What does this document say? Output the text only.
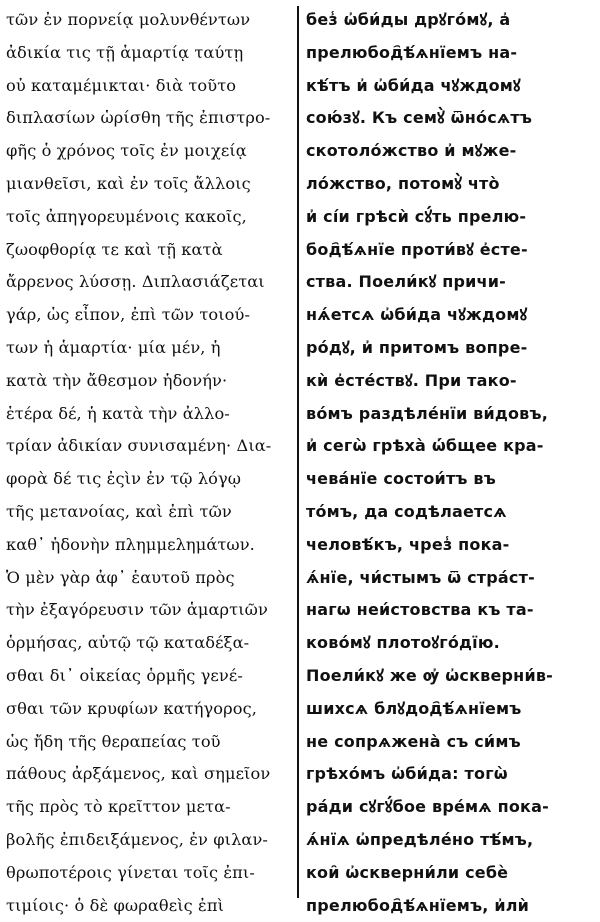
τῶν ἐν πορνείᾳ μολυνθέντων
ἀδικία τις τῇ ἁμαρτίᾳ ταύτῃ
οὐ καταμέμικται· διὰ τοῦτο
διπλασίων ὡρίσθη τῆς ἐπιστρο-
φῆς ὁ χρόνος τοῖς ἐν μοιχείᾳ
μιανθεῖσι, καὶ ἐν τοῖς ἄλλοις
τοῖς ἀπηγορευμένοις κακοῖς,
ζωοφθορίᾳ τε καὶ τῇ κατὰ
ἄρρενος λύσσῃ. Διπλασιάζεται
γάρ, ὡς εἶπον, ἐπὶ τῶν τοιού-
των ἡ ἁμαρτία· μία μέν, ἡ
κατὰ τὴν ἄθεσμον ἡδονήν·
ἑτέρα δέ, ἡ κατὰ τὴν ἀλλο-
τρίαν ἀδικίαν συνισαμένη· Δια-
φορὰ δέ τις ἐςὶν ἐν τῷ λόγῳ
τῆς μετανοίας, καὶ ἐπὶ τῶν
καθ᾽ ἡδονὴν πλημμελημάτων.
Ὁ μὲν γὰρ ἀφ᾽ ἑαυτοῦ πρὸς
τὴν ἐξαγόρευσιν τῶν ἁμαρτιῶν
ὁρμήσας, αὐτῷ τῷ καταδέξα-
σθαι δι᾽ οἰκείας ὁρμῆς γενέ-
σθαι τῶν κρυφίων κατήγορος,
ὡς ἤδη τῆς θεραπείας τοῦ
πάθους ἀρξάμενος, καὶ σημεῖον
τῆς πρὸς τὸ κρεῖττον μετα-
βολῆς ἐπιδειξάμενος, ἐν φιλαν-
θρωποτέροις γίνεται τοῖς ἐπι-
τιμίοις· ὁ δὲ φωραθεὶς ἐπὶ
без̾ ѡ҆би́ды дрꙋго́мꙋ, а҆
прелюбод҄ѣ́ѧнїемъ на-
кѣ́тъ и҆ ѡ҆би́да чꙋждомꙋ
сою́зꙋ. Къ семꙋ̀ ѿно́сѧтъ
скотоло́жство и҆ мꙋже-
ло́жство, потомꙋ̀ что̀
и҆ сі́и грѣсѝ сꙋ́ть прелю-
бод҄ѣ́ѧнїе проти́вꙋ е҆сте-
ства. Поели́кꙋ причи-
нѧ́етсѧ ѡ҆би́да чꙋждомꙋ
ро́дꙋ, и҆ притомъ вопре-
кѝ е҆сте́ствꙋ. При тако-
во́мъ раздѣле́нїи ви́довъ,
и҆ сегѡ̀ грѣха̀ ѡ҆́бщее кра-
чева́нїе состои́тъ въ
то́мъ, да содѣлаетсѧ
человѣ́къ, чрез̾ пока-
ѧ́нїе, чи́стымъ ѿ стра́ст-
нагѡ неи́стовства къ та-
ково́мꙋ плотоꙋго́дїю.
Поели́кꙋ же ѹ҆ ѡ҆скверни́в-
шихсѧ блꙋдод҄ѣ́ѧнїемъ
не сопрѧжена̀ съ си́мъ
грѣхо́мъ ѡ҆би́да: тогѡ̀
ра́ди сꙋгꙋ́бое вре́мѧ пока-
ѧ́нїѧ ѡ҆предѣле́но тѣ́мъ,
кои̑ ѡ҆скверни́ли себѐ
прелюбод҄ѣ́ѧнїемъ, и҆лѝ
